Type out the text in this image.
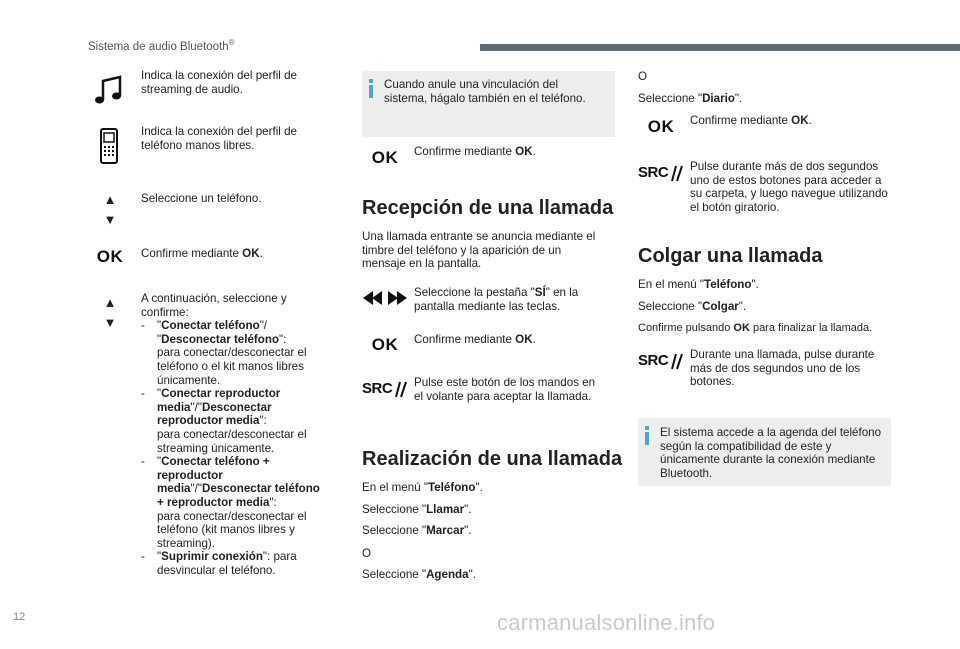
Sistema de audio Bluetooth®
Indica la conexión del perfil de streaming de audio.
Indica la conexión del perfil de teléfono manos libres.
▲
▼
Seleccione un teléfono.
OK Confirme mediante OK.
▲
▼
A continuación, seleccione y confirme:
- "Conectar teléfono"/ "Desconectar teléfono":
para conectar/desconectar el teléfono o el kit manos libres únicamente.
- "Conectar reproductor media"/"Desconectar reproductor media":
para conectar/desconectar el streaming únicamente.
- "Conectar teléfono + reproductor media"/"Desconectar teléfono + reproductor media":
para conectar/desconectar el teléfono (kit manos libres y streaming).
- "Suprimir conexión": para desvincular el teléfono.
Cuando anule una vinculación del sistema, hágalo también en el teléfono.
OK	Confirme mediante OK.
Recepción de una llamada
Una llamada entrante se anuncia mediante el timbre del teléfono y la aparición de un mensaje en la pantalla.
Seleccione la pestaña "SÍ" en la pantalla mediante las teclas.
OK	Confirme mediante OK.
SRC Pulse este botón de los mandos en el volante para aceptar la llamada.
Realización de una llamada
En el menú "Teléfono".
Seleccione "Llamar".
Seleccione "Marcar".
O
Seleccione "Agenda".
O
Seleccione "Diario".
OK	Confirme mediante OK.
SRC Pulse durante más de dos segundos uno de estos botones para acceder a su carpeta, y luego navegue utilizando el botón giratorio.
Colgar una llamada
En el menú "Teléfono".
Seleccione "Colgar".
Confirme pulsando OK para finalizar la llamada.
SRC Durante una llamada, pulse durante más de dos segundos uno de los botones.
El sistema accede a la agenda del teléfono según la compatibilidad de este y únicamente durante la conexión mediante Bluetooth.
12	carmanualsonline.info
